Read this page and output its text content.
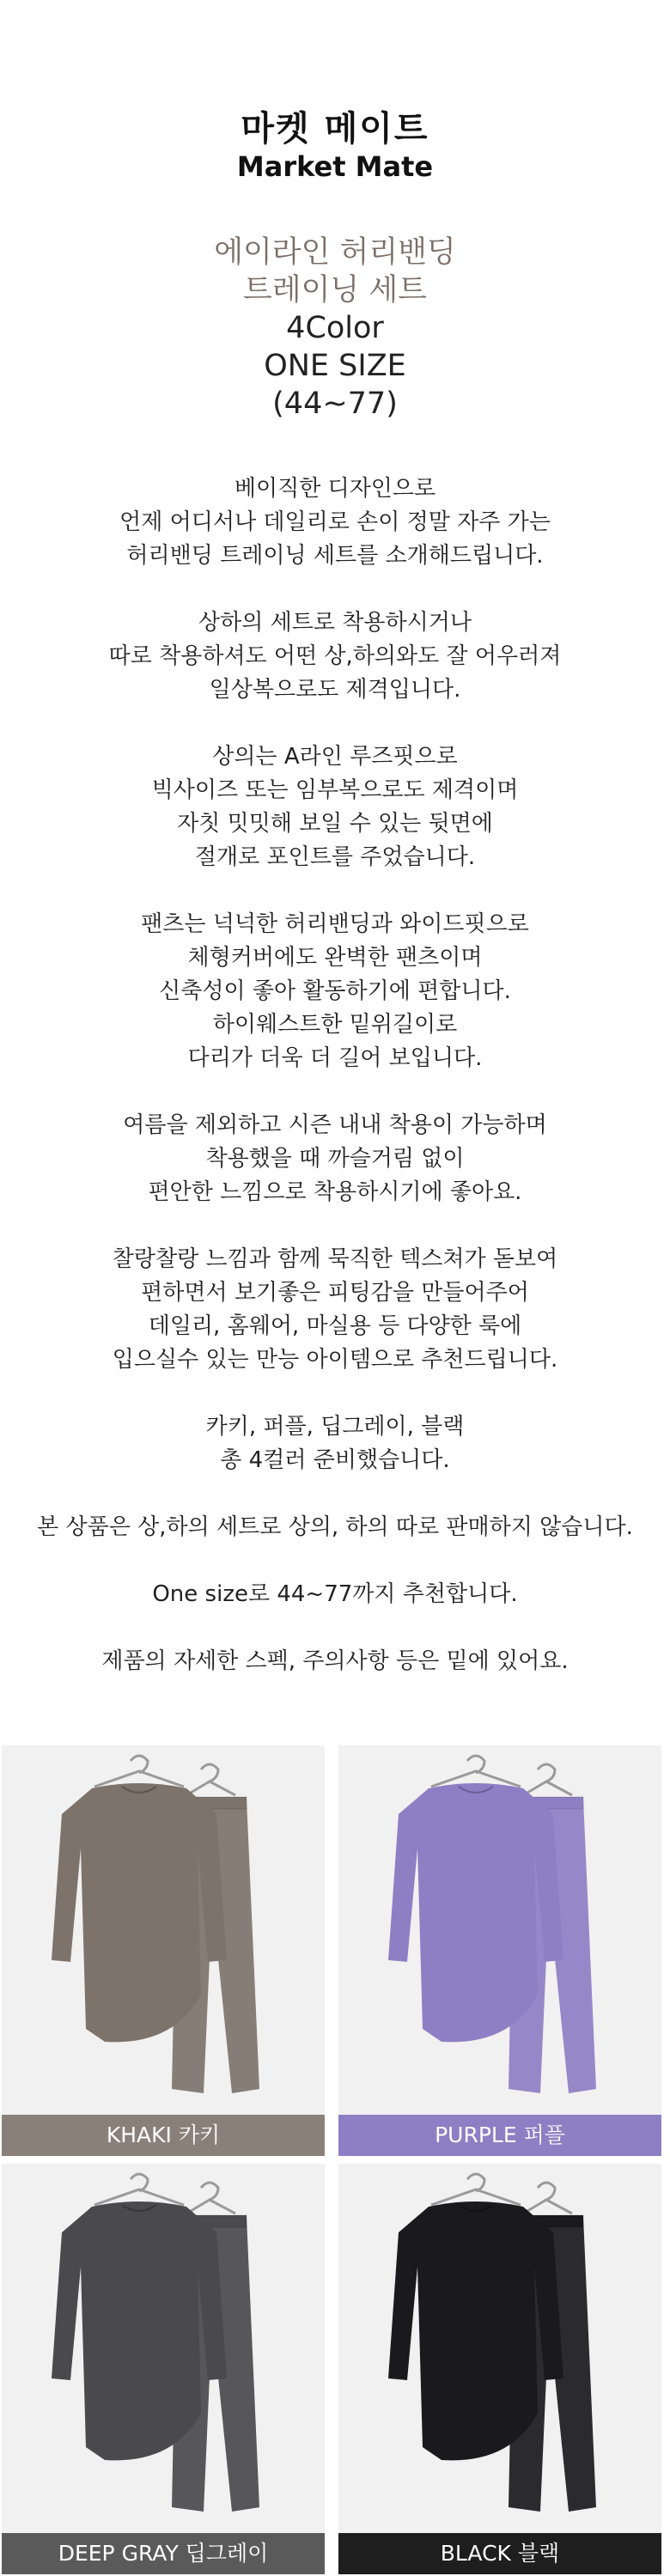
마켓 메이트
Market Mate
에이라인 허리밴딩
트레이닝 세트
4Color
ONE SIZE
(44~77)

베이직한 디자인으로

언제 어디서나 데일리로 손이 정말 자주 가는

허리밴딩 트레이닝 세트를 소개해드립니다.

상하의 세트로 착용하시거나

따로 착용하셔도 어떤 상,하의와도 잘 어우러져

일상복으로도 제격입니다.

상의는 A라인 루즈핏으로

빅사이즈 또는 임부복으로도 제격이며

자칫 밋밋해 보일 수 있는 뒷면에

절개로 포인트를 주었습니다.

팬츠는 넉넉한 허리밴딩과 와이드핏으로

체형커버에도 완벽한 팬츠이며

신축성이 좋아 활동하기에 편합니다.

하이웨스트한 밑위길이로

다리가 더욱 더 길어 보입니다.

여름을 제외하고 시즌 내내 착용이 가능하며

착용했을 때 까슬거림 없이

편안한 느낌으로 착용하시기에 좋아요.

찰랑찰랑 느낌과 함께 묵직한 텍스쳐가 돋보여

편하면서 보기좋은 피팅감을 만들어주어

데일리, 홈웨어, 마실용 등 다양한 룩에

입으실수 있는 만능 아이템으로 추천드립니다.

카키, 퍼플, 딥그레이, 블랙

총 4컬러 준비했습니다.

본 상품은 상,하의 세트로 상의, 하의 따로 판매하지 않습니다.

One size로 44~77까지 추천합니다.

제품의 자세한 스펙, 주의사항 등은 밑에 있어요.

KHAKI 카키	PURPLE 퍼플
DEEP GRAY 딥그레이	BLACK 블랙
